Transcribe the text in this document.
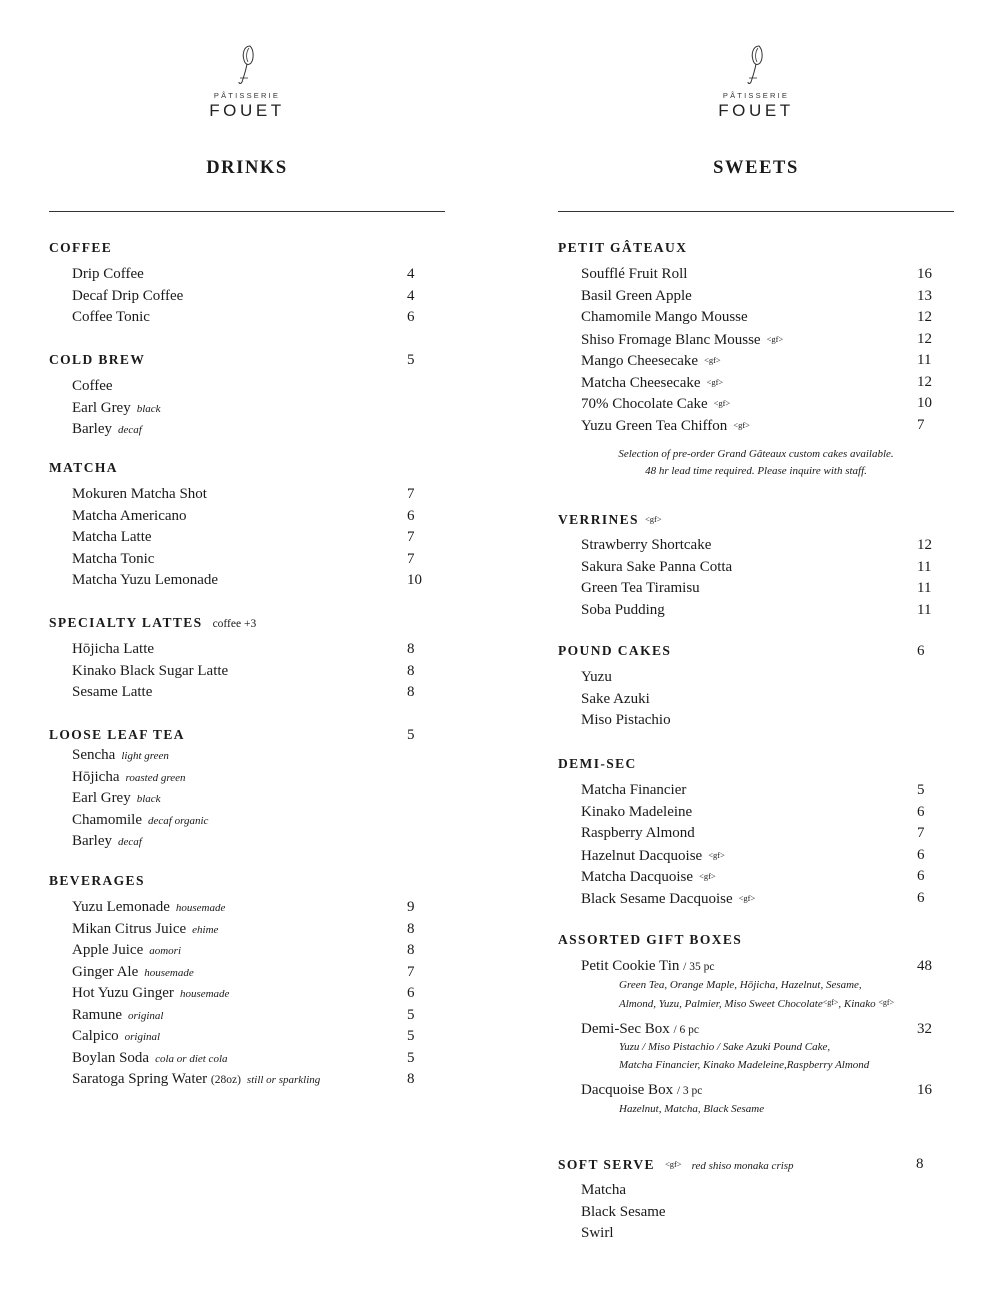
PÂTISSERIE
FOUET
DRINKS
COFFEE
Drip Coffee	4
Decaf Drip Coffee	4
Coffee Tonic	6
COLD BREW	5
Coffee
Earl Grey black
Barley decaf
MATCHA
Mokuren Matcha Shot	7
Matcha Americano	6
Matcha Latte	7
Matcha Tonic	7
Matcha Yuzu Lemonade	10
SPECIALTY LATTES coffee +3
Hōjicha Latte	8
Kinako Black Sugar Latte	8
Sesame Latte	8
LOOSE LEAF TEA	5
Sencha light green
Hōjicha roasted green
Earl Grey black
Chamomile decaf organic
Barley decaf
BEVERAGES
Yuzu Lemonade housemade	9
Mikan Citrus Juice ehime	8
Apple Juice aomori	8
Ginger Ale housemade	7
Hot Yuzu Ginger housemade	6
Ramune original	5
Calpico original	5
Boylan Soda cola or diet cola	5
Saratoga Spring Water (28oz) still or sparkling	8
PÂTISSERIE
FOUET
SWEETS
PETIT GÂTEAUX
Soufflé Fruit Roll	16
Basil Green Apple	13
Chamomile Mango Mousse	12
Shiso Fromage Blanc Mousse <gf>	12
Mango Cheesecake <gf>	11
Matcha Cheesecake <gf>	12
70% Chocolate Cake <gf>	10
Yuzu Green Tea Chiffon <gf>	7
Selection of pre-order Grand Gâteaux custom cakes available.
48 hr lead time required. Please inquire with staff.
VERRINES <gf>
Strawberry Shortcake	12
Sakura Sake Panna Cotta	11
Green Tea Tiramisu	11
Soba Pudding	11
POUND CAKES	6
Yuzu
Sake Azuki
Miso Pistachio
DEMI-SEC
Matcha Financier	5
Kinako Madeleine	6
Raspberry Almond	7
Hazelnut Dacquoise <gf>	6
Matcha Dacquoise <gf>	6
Black Sesame Dacquoise <gf>	6
ASSORTED GIFT BOXES
Petit Cookie Tin / 35 pc	48
Green Tea, Orange Maple, Hōjicha, Hazelnut, Sesame,
Almond, Yuzu, Palmier, Miso Sweet Chocolate<gf>, Kinako <gf>
Demi-Sec Box / 6 pc	32
Yuzu / Miso Pistachio / Sake Azuki Pound Cake,
Matcha Financier, Kinako Madeleine,Raspberry Almond
Dacquoise Box / 3 pc	16
Hazelnut, Matcha, Black Sesame
SOFT SERVE <gf> red shiso monaka crisp	8
Matcha
Black Sesame
Swirl
